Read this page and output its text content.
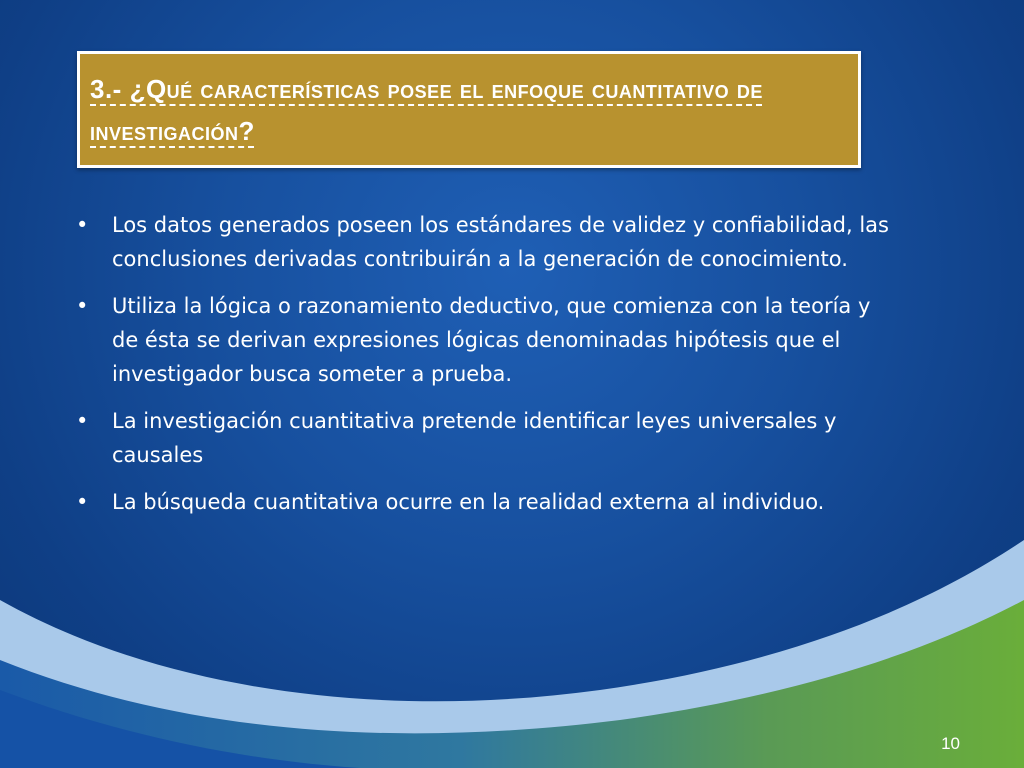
3.- ¿Qué características posee el enfoque cuantitativo de investigación?
• Los datos generados poseen los estándares de validez y confiabilidad, las conclusiones derivadas contribuirán a la generación de conocimiento.
• Utiliza la lógica o razonamiento deductivo, que comienza con la teoría y de ésta se derivan expresiones lógicas denominadas hipótesis que el investigador busca someter a prueba.
• La investigación cuantitativa pretende identificar leyes universales y causales
• La búsqueda cuantitativa ocurre en la realidad externa al individuo.
10
